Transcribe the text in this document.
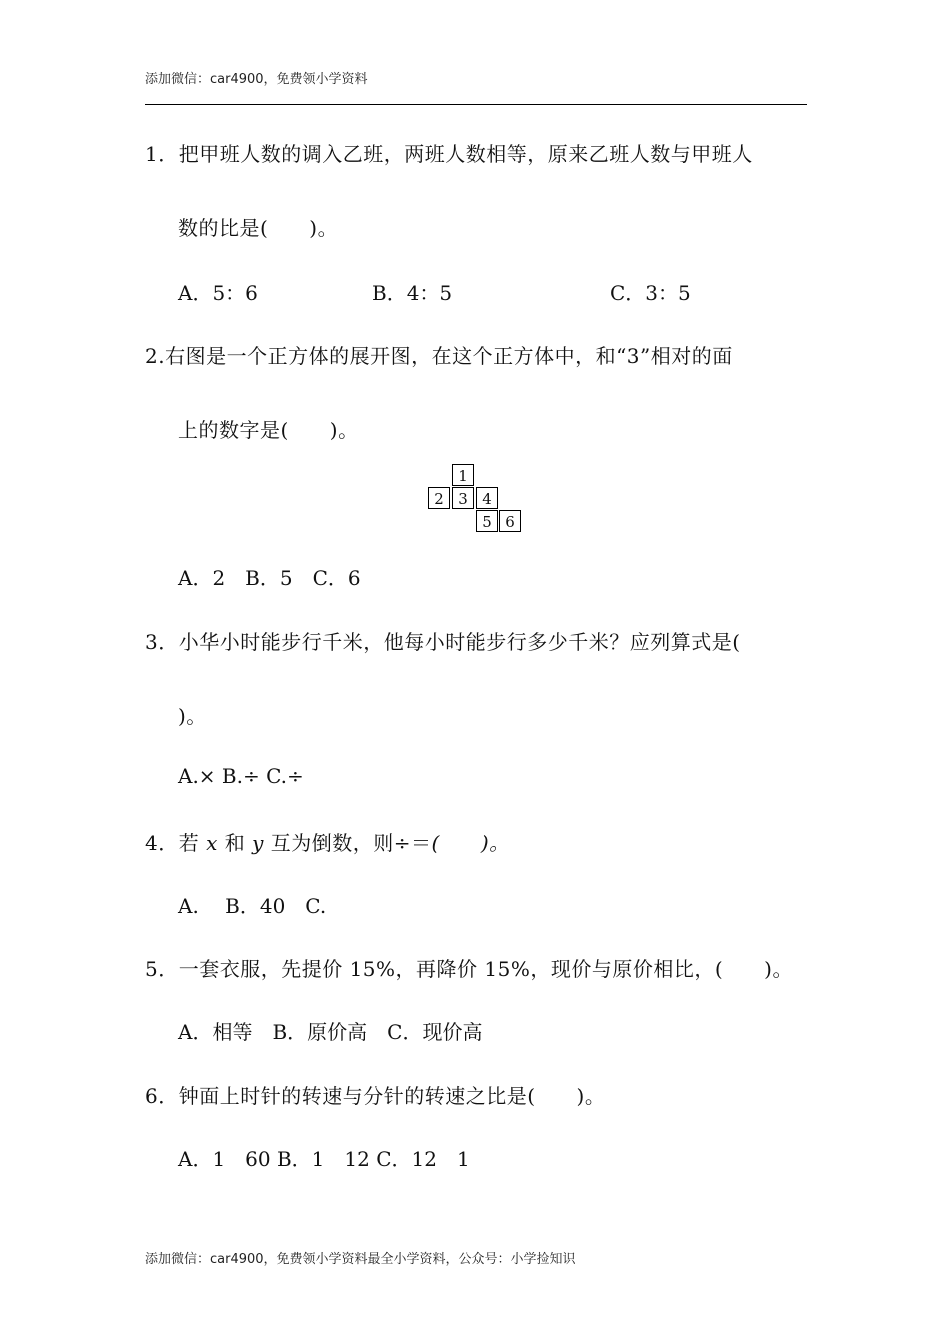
添加微信：car4900，免费领小学资料
1．把甲班人数的调入乙班，两班人数相等，原来乙班人数与甲班人
数的比是(　　)。
A．5：6	B．4：5	C．3：5
2.右图是一个正方体的展开图，在这个正方体中，和“3”相对的面
上的数字是(　　)。
1
2 3 4
5 6
A．2　B．5　C．6
3．小华小时能步行千米，他每小时能步行多少千米？应列算式是(
)。
A.× B.÷ C.÷
4．若 x 和 y 互为倒数，则÷＝(　　)。
A.　 B．40　C.
5．一套衣服，先提价 15%，再降价 15%，现价与原价相比，(　　)。
A．相等　B．原价高　C．现价高
6．钟面上时针的转速与分针的转速之比是(　　)。
A．1　60 B．1　12 C．12　1
添加微信：car4900，免费领小学资料最全小学资料，公众号：小学捡知识
